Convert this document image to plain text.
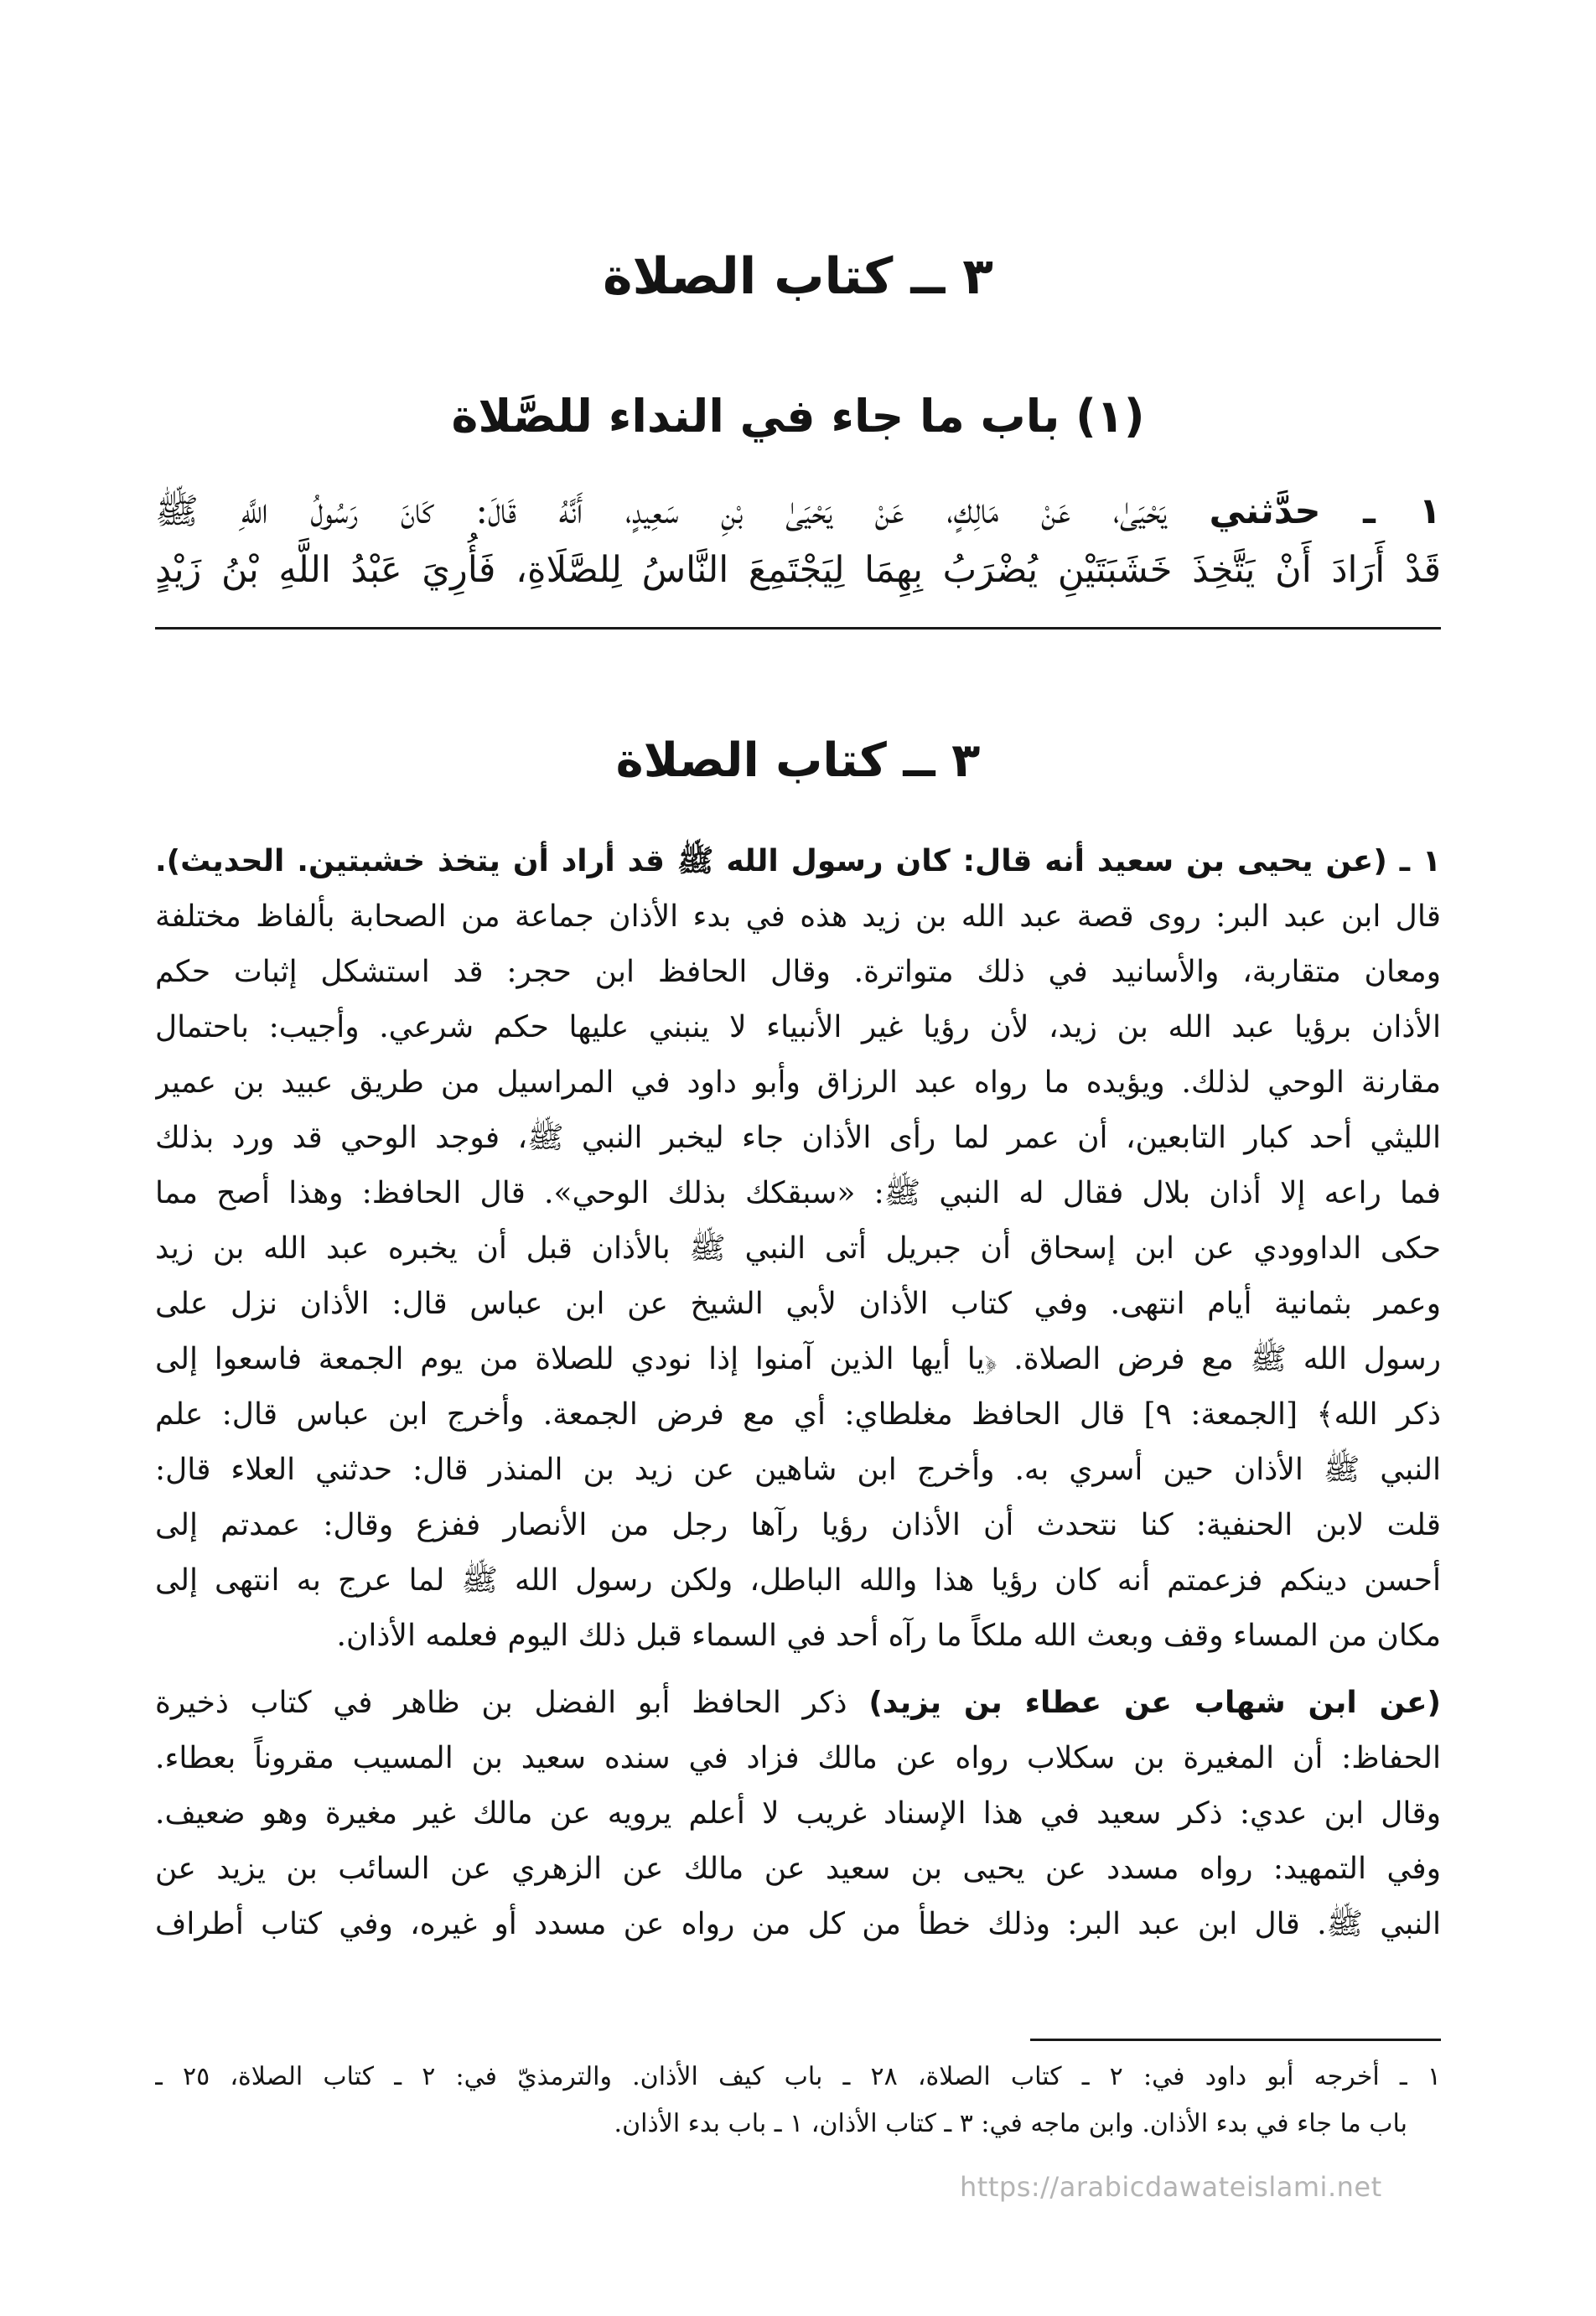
٣ ــ كتاب الصلاة
(١) باب ما جاء في النداء للصَّلاة
١ ـ حدَّثني يَحْيَىٰ، عَنْ مَالِكٍ، عَنْ يَحْيَىٰ بْنِ سَعِيدٍ، أَنَّهُ قَالَ: كَانَ رَسُولُ اللَّهِ ﷺ
قَدْ أَرَادَ أَنْ يَتَّخِذَ خَشَبَتَيْنِ يُضْرَبُ بِهِمَا لِيَجْتَمِعَ النَّاسُ لِلصَّلَاةِ، فَأُرِيَ عَبْدُ اللَّهِ بْنُ زَيْدٍ
٣ ــ كتاب الصلاة
١ ـ (عن يحيى بن سعيد أنه قال: كان رسول الله ﷺ قد أراد أن يتخذ خشبتين. الحديث).
قال ابن عبد البر: روى قصة عبد الله بن زيد هذه في بدء الأذان جماعة من الصحابة بألفاظ مختلفة
ومعان متقاربة، والأسانيد في ذلك متواترة. وقال الحافظ ابن حجر: قد استشكل إثبات حكم
الأذان برؤيا عبد الله بن زيد، لأن رؤيا غير الأنبياء لا ينبني عليها حكم شرعي. وأجيب: باحتمال
مقارنة الوحي لذلك. ويؤيده ما رواه عبد الرزاق وأبو داود في المراسيل من طريق عبيد بن عمير
الليثي أحد كبار التابعين، أن عمر لما رأى الأذان جاء ليخبر النبي ﷺ، فوجد الوحي قد ورد بذلك
فما راعه إلا أذان بلال فقال له النبي ﷺ: «سبقكك بذلك الوحي». قال الحافظ: وهذا أصح مما
حكى الداوودي عن ابن إسحاق أن جبريل أتى النبي ﷺ بالأذان قبل أن يخبره عبد الله بن زيد
وعمر بثمانية أيام انتهى. وفي كتاب الأذان لأبي الشيخ عن ابن عباس قال: الأذان نزل على
رسول الله ﷺ مع فرض الصلاة. ﴿يا أيها الذين آمنوا إذا نودي للصلاة من يوم الجمعة فاسعوا إلى
ذكر الله﴾ [الجمعة: ٩] قال الحافظ مغلطاي: أي مع فرض الجمعة. وأخرج ابن عباس قال: علم
النبي ﷺ الأذان حين أسري به. وأخرج ابن شاهين عن زيد بن المنذر قال: حدثني العلاء قال:
قلت لابن الحنفية: كنا نتحدث أن الأذان رؤيا رآها رجل من الأنصار ففزع وقال: عمدتم إلى
أحسن دينكم فزعمتم أنه كان رؤيا هذا والله الباطل، ولكن رسول الله ﷺ لما عرج به انتهى إلى
مكان من المساء وقف وبعث الله ملكاً ما رآه أحد في السماء قبل ذلك اليوم فعلمه الأذان.
(عن ابن شهاب عن عطاء بن يزيد) ذكر الحافظ أبو الفضل بن ظاهر في كتاب ذخيرة
الحفاظ: أن المغيرة بن سكلاب رواه عن مالك فزاد في سنده سعيد بن المسيب مقروناً بعطاء.
وقال ابن عدي: ذكر سعيد في هذا الإسناد غريب لا أعلم يرويه عن مالك غير مغيرة وهو ضعيف.
وفي التمهيد: رواه مسدد عن يحيى بن سعيد عن مالك عن الزهري عن السائب بن يزيد عن
النبي ﷺ. قال ابن عبد البر: وذلك خطأ من كل من رواه عن مسدد أو غيره، وفي كتاب أطراف
١ ـ أخرجه أبو داود في: ٢ ـ كتاب الصلاة، ٢٨ ـ باب كيف الأذان. والترمذيّ في: ٢ ـ كتاب الصلاة، ٢٥ ـ
باب ما جاء في بدء الأذان. وابن ماجه في: ٣ ـ كتاب الأذان، ١ ـ باب بدء الأذان.
https://arabicdawateislami.net
